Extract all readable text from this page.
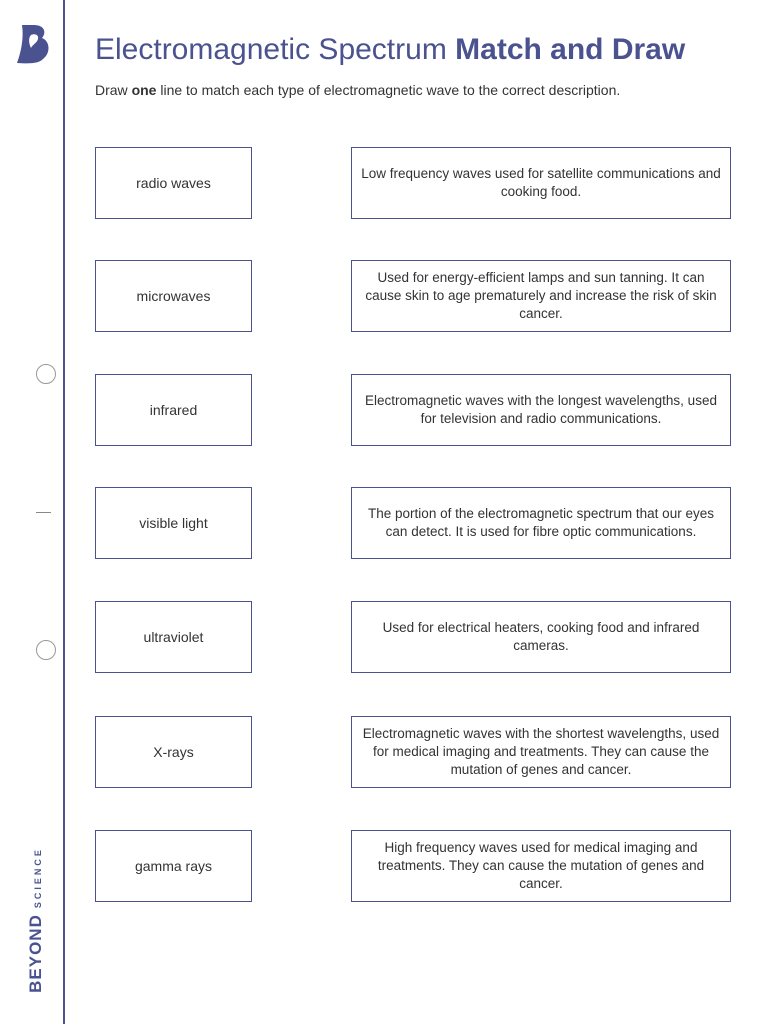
BEYOND
SCIENCE
Electromagnetic Spectrum Match and Draw
Draw one line to match each type of electromagnetic wave to the correct description.
radio waves
microwaves
infrared
visible light
ultraviolet
X-rays
gamma rays
Low frequency waves used for satellite communications and cooking food.
Used for energy-efficient lamps and sun tanning. It can cause skin to age prematurely and increase the risk of skin cancer.
Electromagnetic waves with the longest wavelengths, used for television and radio communications.
The portion of the electromagnetic spectrum that our eyes can detect. It is used for fibre optic communications.
Used for electrical heaters, cooking food and infrared cameras.
Electromagnetic waves with the shortest wavelengths, used for medical imaging and treatments. They can cause the mutation of genes and cancer.
High frequency waves used for medical imaging and treatments. They can cause the mutation of genes and cancer.
